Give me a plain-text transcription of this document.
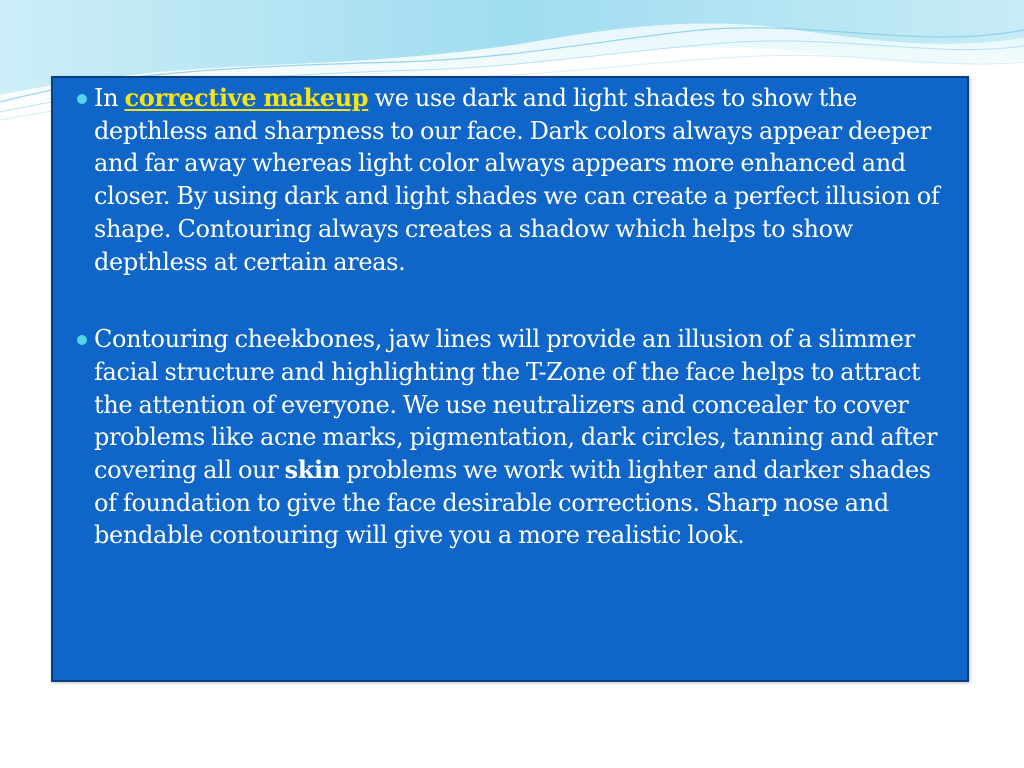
In corrective makeup we use dark and light shades to show the depthless and sharpness to our face. Dark colors always appear deeper and far away whereas light color always appears more enhanced and closer. By using dark and light shades we can create a perfect illusion of shape. Contouring always creates a shadow which helps to show depthless at certain areas.
Contouring cheekbones, jaw lines will provide an illusion of a slimmer facial structure and highlighting the T-Zone of the face helps to attract the attention of everyone. We use neutralizers and concealer to cover problems like acne marks, pigmentation, dark circles, tanning and after covering all our skin problems we work with lighter and darker shades of foundation to give the face desirable corrections. Sharp nose and bendable contouring will give you a more realistic look.
